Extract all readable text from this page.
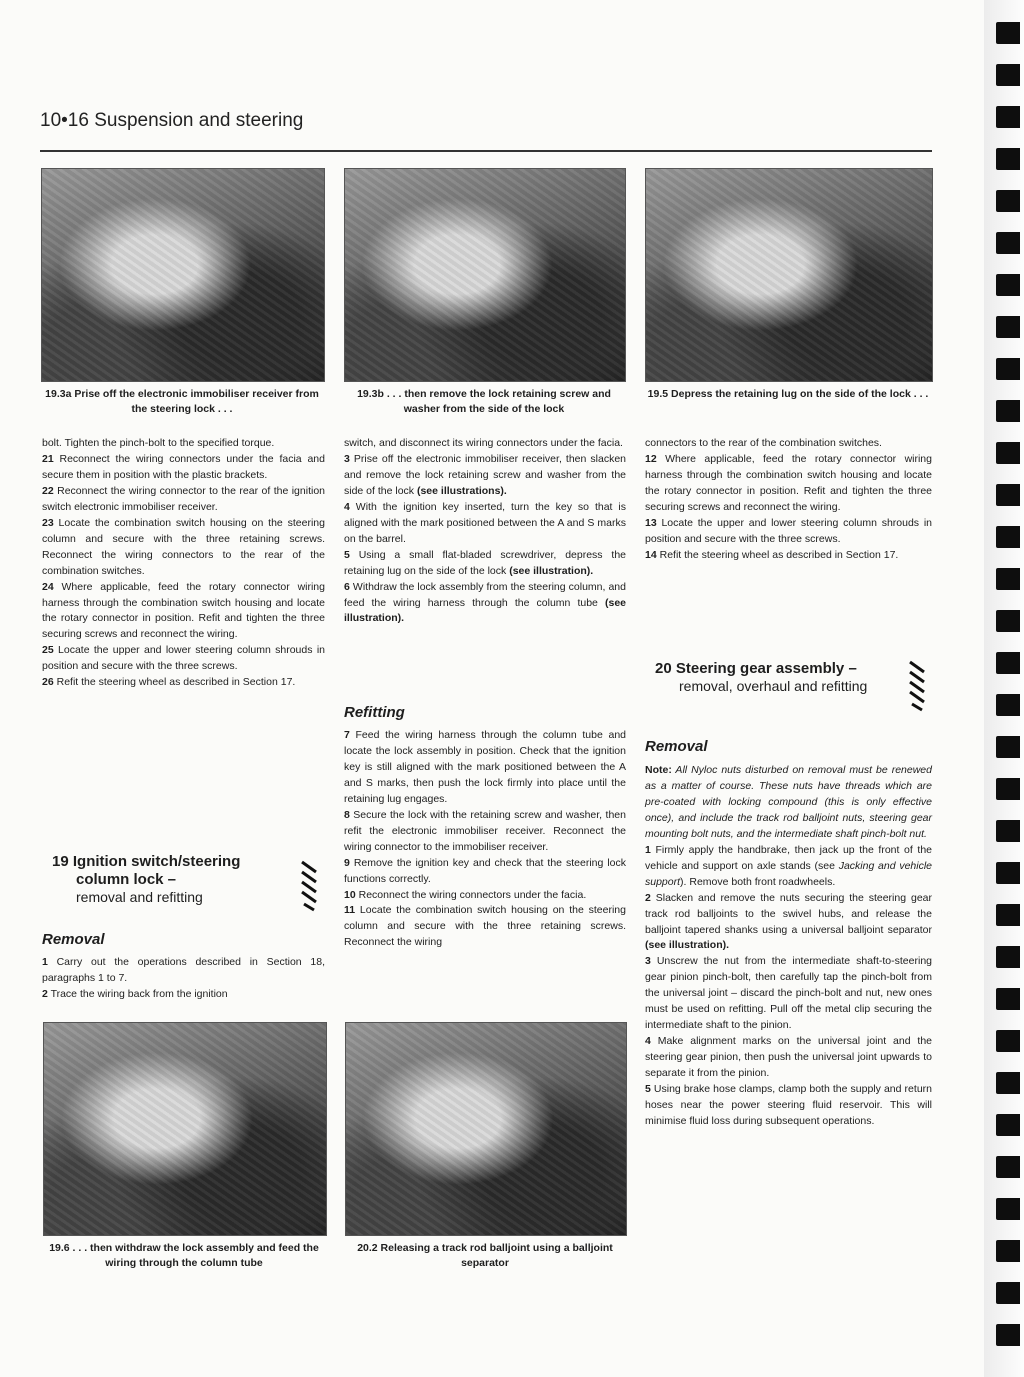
10•16 Suspension and steering
19.3a Prise off the electronic immobiliser receiver from the steering lock . . .
19.3b . . . then remove the lock retaining screw and washer from the side of the lock
19.5 Depress the retaining lug on the side of the lock . . .

bolt. Tighten the pinch-bolt to the specified torque.

21 Reconnect the wiring connectors under the facia and secure them in position with the plastic brackets.

22 Reconnect the wiring connector to the rear of the ignition switch electronic immobiliser receiver.

23 Locate the combination switch housing on the steering column and secure with the three retaining screws. Reconnect the wiring connectors to the rear of the combination switches.

24 Where applicable, feed the rotary connector wiring harness through the combination switch housing and locate the rotary connector in position. Refit and tighten the three securing screws and reconnect the wiring.

25 Locate the upper and lower steering column shrouds in position and secure with the three screws.

26 Refit the steering wheel as described in Section 17.

19 Ignition switch/steering
column lock –
removal and refitting
Removal

1 Carry out the operations described in Section 18, paragraphs 1 to 7.

2 Trace the wiring back from the ignition

switch, and disconnect its wiring connectors under the facia.

3 Prise off the electronic immobiliser receiver, then slacken and remove the lock retaining screw and washer from the side of the lock (see illustrations).

4 With the ignition key inserted, turn the key so that is aligned with the mark positioned between the A and S marks on the barrel.

5 Using a small flat-bladed screwdriver, depress the retaining lug on the side of the lock (see illustration).

6 Withdraw the lock assembly from the steering column, and feed the wiring harness through the column tube (see illustration).

Refitting

7 Feed the wiring harness through the column tube and locate the lock assembly in position. Check that the ignition key is still aligned with the mark positioned between the A and S marks, then push the lock firmly into place until the retaining lug engages.

8 Secure the lock with the retaining screw and washer, then refit the electronic immobiliser receiver. Reconnect the wiring connector to the immobiliser receiver.

9 Remove the ignition key and check that the steering lock functions correctly.

10 Reconnect the wiring connectors under the facia.

11 Locate the combination switch housing on the steering column and secure with the three retaining screws. Reconnect the wiring

connectors to the rear of the combination switches.

12 Where applicable, feed the rotary connector wiring harness through the combination switch housing and locate the rotary connector in position. Refit and tighten the three securing screws and reconnect the wiring.

13 Locate the upper and lower steering column shrouds in position and secure with the three screws.

14 Refit the steering wheel as described in Section 17.

20 Steering gear assembly –
removal, overhaul and refitting
Removal

Note: All Nyloc nuts disturbed on removal must be renewed as a matter of course. These nuts have threads which are pre-coated with locking compound (this is only effective once), and include the track rod balljoint nuts, steering gear mounting bolt nuts, and the intermediate shaft pinch-bolt nut.

1 Firmly apply the handbrake, then jack up the front of the vehicle and support on axle stands (see Jacking and vehicle support). Remove both front roadwheels.

2 Slacken and remove the nuts securing the steering gear track rod balljoints to the swivel hubs, and release the balljoint tapered shanks using a universal balljoint separator (see illustration).

3 Unscrew the nut from the intermediate shaft-to-steering gear pinion pinch-bolt, then carefully tap the pinch-bolt from the universal joint – discard the pinch-bolt and nut, new ones must be used on refitting. Pull off the metal clip securing the intermediate shaft to the pinion.

4 Make alignment marks on the universal joint and the steering gear pinion, then push the universal joint upwards to separate it from the pinion.

5 Using brake hose clamps, clamp both the supply and return hoses near the power steering fluid reservoir. This will minimise fluid loss during subsequent operations.

19.6 . . . then withdraw the lock assembly and feed the wiring through the column tube
20.2 Releasing a track rod balljoint using a balljoint separator
